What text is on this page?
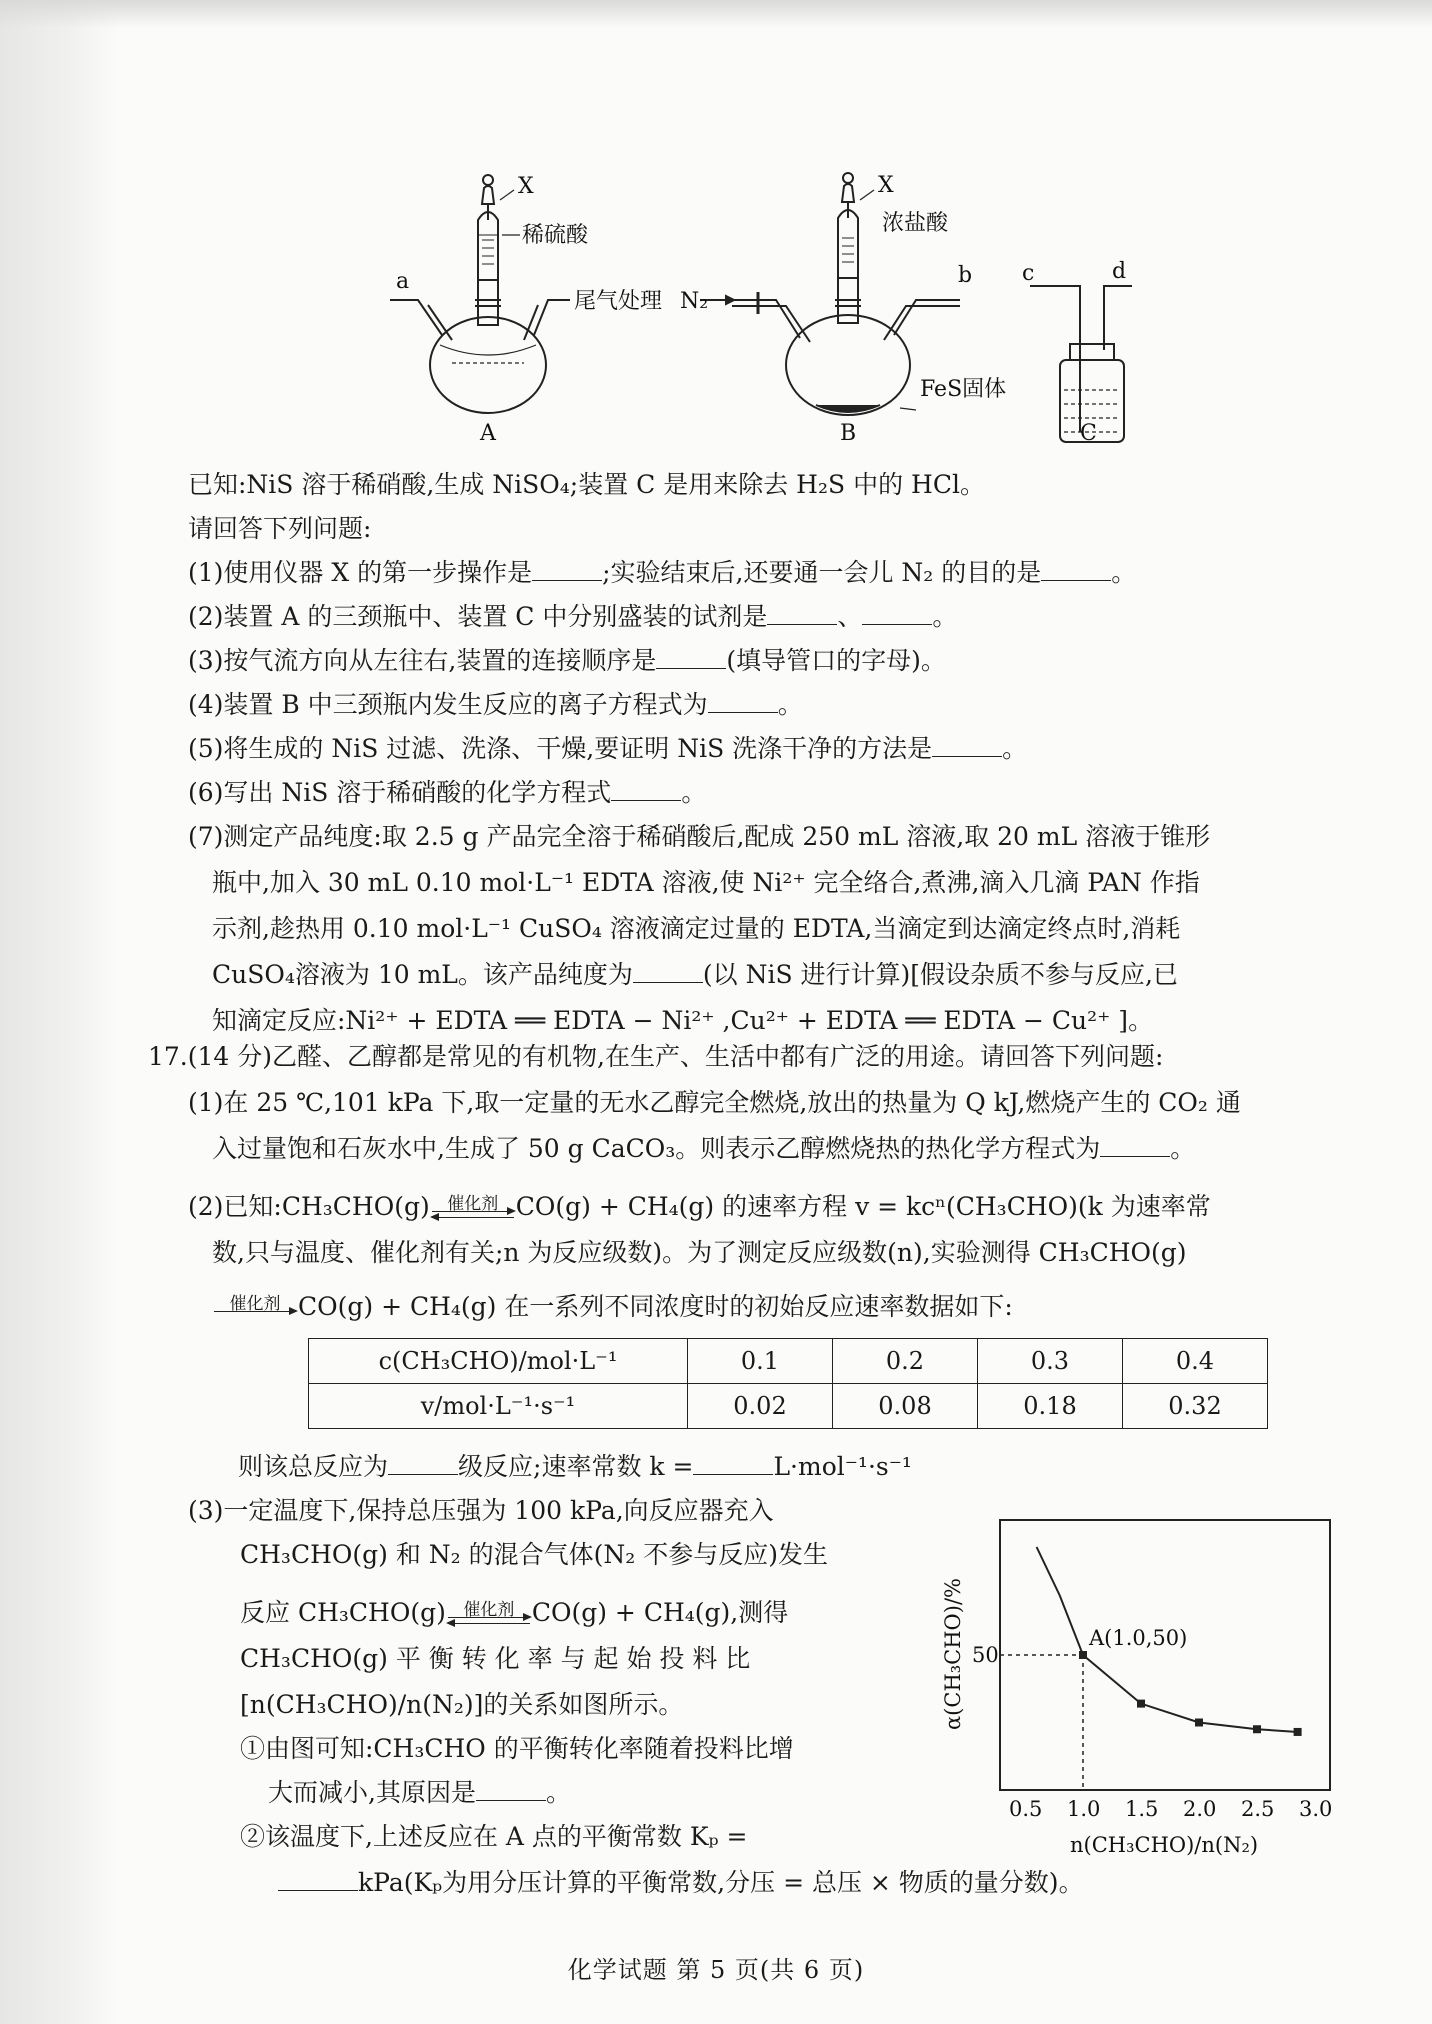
X
稀硫酸
a
尾气处理
A
X
浓盐酸
N₂
b
FeS固体
B
c	d
C
已知:NiS 溶于稀硝酸,生成 NiSO₄;装置 C 是用来除去 H₂S 中的 HCl。
请回答下列问题:
(1)使用仪器 X 的第一步操作是	;实验结束后,还要通一会儿 N₂ 的目的是	。
(2)装置 A 的三颈瓶中、装置 C 中分别盛装的试剂是	、	。
(3)按气流方向从左往右,装置的连接顺序是	(填导管口的字母)。
(4)装置 B 中三颈瓶内发生反应的离子方程式为	。
(5)将生成的 NiS 过滤、洗涤、干燥,要证明 NiS 洗涤干净的方法是	。
(6)写出 NiS 溶于稀硝酸的化学方程式	。
(7)测定产品纯度:取 2.5 g 产品完全溶于稀硝酸后,配成 250 mL 溶液,取 20 mL 溶液于锥形
瓶中,加入 30 mL 0.10 mol·L⁻¹ EDTA 溶液,使 Ni²⁺ 完全络合,煮沸,滴入几滴 PAN 作指
示剂,趁热用 0.10 mol·L⁻¹ CuSO₄ 溶液滴定过量的 EDTA,当滴定到达滴定终点时,消耗
CuSO₄溶液为 10 mL。该产品纯度为	(以 NiS 进行计算)[假设杂质不参与反应,已
知滴定反应:Ni²⁺ + EDTA ══ EDTA − Ni²⁺ ,Cu²⁺ + EDTA ══ EDTA − Cu²⁺ ]。
17.(14 分)乙醛、乙醇都是常见的有机物,在生产、生活中都有广泛的用途。请回答下列问题:
(1)在 25 ℃,101 kPa 下,取一定量的无水乙醇完全燃烧,放出的热量为 Q kJ,燃烧产生的 CO₂ 通
入过量饱和石灰水中,生成了 50 g CaCO₃。则表示乙醇燃烧热的热化学方程式为	。
(2)已知:CH₃CHO(g)	催化剂 CO(g) + CH₄(g) 的速率方程 v = kcⁿ(CH₃CHO)(k 为速率常
数,只与温度、催化剂有关;n 为反应级数)。为了测定反应级数(n),实验测得 CH₃CHO(g)
催化剂 CO(g) + CH₄(g) 在一系列不同浓度时的初始反应速率数据如下:
c(CH₃CHO)/mol·L⁻¹	0.1	0.2	0.3	0.4
v/mol·L⁻¹·s⁻¹	0.02	0.08	0.18	0.32
则该总反应为	级反应;速率常数 k =	L·mol⁻¹·s⁻¹
(3)一定温度下,保持总压强为 100 kPa,向反应器充入
CH₃CHO(g) 和 N₂ 的混合气体(N₂ 不参与反应)发生
反应 CH₃CHO(g)	催化剂 CO(g) + CH₄(g),测得
CH₃CHO(g) 平 衡 转 化 率 与 起 始 投 料 比
[n(CH₃CHO)/n(N₂)]的关系如图所示。
①由图可知:CH₃CHO 的平衡转化率随着投料比增
大而减小,其原因是	。
②该温度下,上述反应在 A 点的平衡常数 Kₚ =
kPa(Kₚ为用分压计算的平衡常数,分压 = 总压 × 物质的量分数)。
0.5 1.0 1.5 2.0 2.5 3.0
50
A(1.0,50)
α(CH₃CHO)/%
n(CH₃CHO)/n(N₂)
化学试题 第 5 页(共 6 页)
